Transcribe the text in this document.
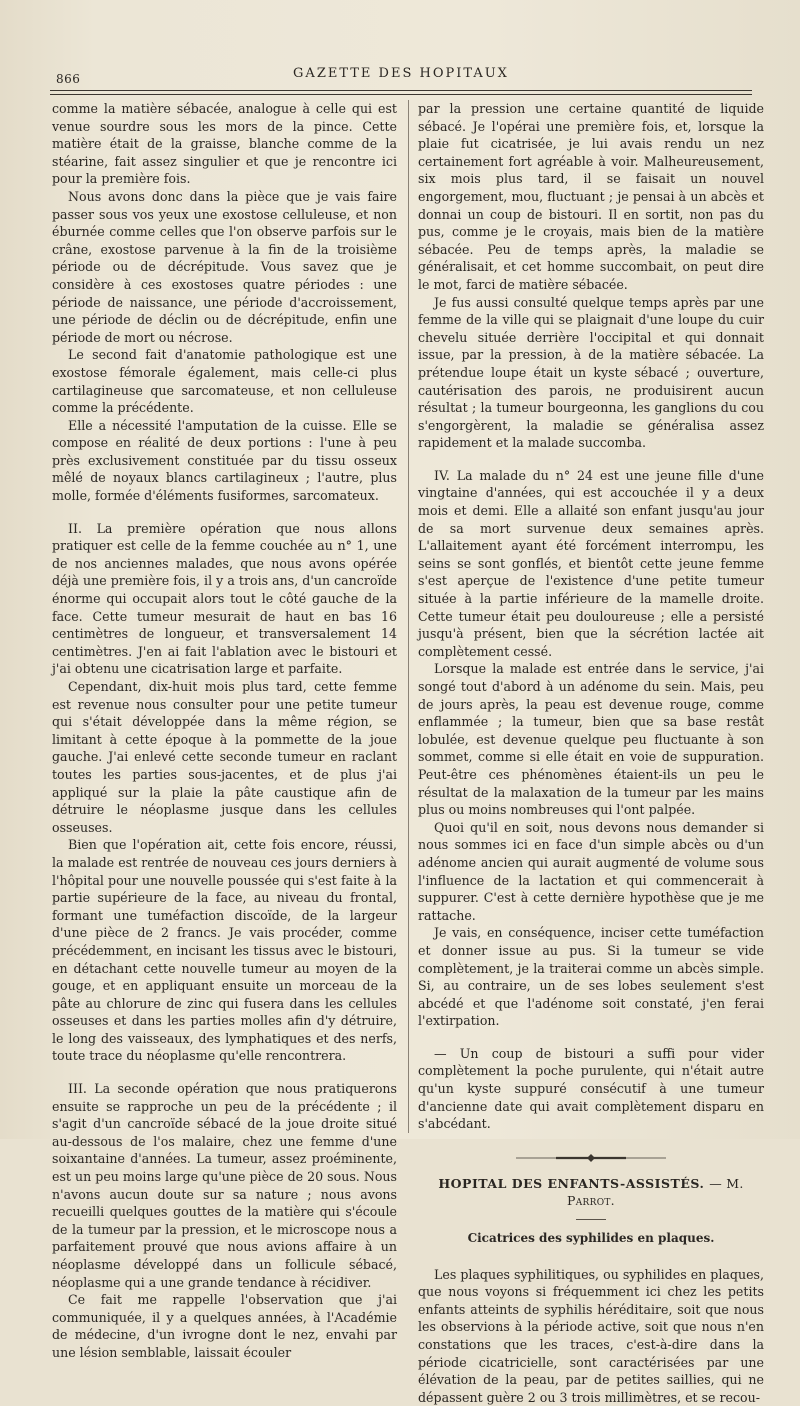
866	GAZETTE DES HOPITAUX

comme la matière sébacée, analogue à celle qui est venue sourdre sous les mors de la pince. Cette matière était de la graisse, blanche comme de la stéarine, fait assez singulier et que je rencontre ici pour la première fois.

Nous avons donc dans la pièce que je vais faire passer sous vos yeux une exostose celluleuse, et non éburnée comme celles que l'on observe parfois sur le crâne, exostose parvenue à la fin de la troisième période ou de décrépitude. Vous savez que je considère à ces exostoses quatre périodes : une période de naissance, une période d'accroissement, une période de déclin ou de décrépitude, enfin une période de mort ou nécrose.

Le second fait d'anatomie pathologique est une exostose fémorale également, mais celle-ci plus cartilagineuse que sarcomateuse, et non celluleuse comme la précédente.

Elle a nécessité l'amputation de la cuisse. Elle se compose en réalité de deux portions : l'une à peu près exclusivement constituée par du tissu osseux mêlé de noyaux blancs cartilagineux ; l'autre, plus molle, formée d'éléments fusiformes, sarcomateux.

II. La première opération que nous allons pratiquer est celle de la femme couchée au n° 1, une de nos anciennes malades, que nous avons opérée déjà une première fois, il y a trois ans, d'un cancroïde énorme qui occupait alors tout le côté gauche de la face. Cette tumeur mesurait de haut en bas 16 centimètres de longueur, et transversalement 14 centimètres. J'en ai fait l'ablation avec le bistouri et j'ai obtenu une cicatrisation large et parfaite.

Cependant, dix-huit mois plus tard, cette femme est revenue nous consulter pour une petite tumeur qui s'était développée dans la même région, se limitant à cette époque à la pommette de la joue gauche. J'ai enlevé cette seconde tumeur en raclant toutes les parties sous-jacentes, et de plus j'ai appliqué sur la plaie la pâte caustique afin de détruire le néoplasme jusque dans les cellules osseuses.

Bien que l'opération ait, cette fois encore, réussi, la malade est rentrée de nouveau ces jours derniers à l'hôpital pour une nouvelle poussée qui s'est faite à la partie supérieure de la face, au niveau du frontal, formant une tuméfaction discoïde, de la largeur d'une pièce de 2 francs. Je vais procéder, comme précédemment, en incisant les tissus avec le bistouri, en détachant cette nouvelle tumeur au moyen de la gouge, et en appliquant ensuite un morceau de la pâte au chlorure de zinc qui fusera dans les cellules osseuses et dans les parties molles afin d'y détruire, le long des vaisseaux, des lymphatiques et des nerfs, toute trace du néoplasme qu'elle rencontrera.

III. La seconde opération que nous pratiquerons ensuite se rapproche un peu de la précédente ; il s'agit d'un cancroïde sébacé de la joue droite situé au-dessous de l'os malaire, chez une femme d'une soixantaine d'années. La tumeur, assez proéminente, est un peu moins large qu'une pièce de 20 sous. Nous n'avons aucun doute sur sa nature ; nous avons recueilli quelques gouttes de la matière qui s'écoule de la tumeur par la pression, et le microscope nous a parfaitement prouvé que nous avions affaire à un néoplasme développé dans un follicule sébacé, néoplasme qui a une grande tendance à récidiver.

Ce fait me rappelle l'observation que j'ai communiquée, il y a quelques années, à l'Académie de médecine, d'un ivrogne dont le nez, envahi par une lésion semblable, laissait écouler

par la pression une certaine quantité de liquide sébacé. Je l'opérai une première fois, et, lorsque la plaie fut cicatrisée, je lui avais rendu un nez certainement fort agréable à voir. Malheureusement, six mois plus tard, il se faisait un nouvel engorgement, mou, fluctuant ; je pensai à un abcès et donnai un coup de bistouri. Il en sortit, non pas du pus, comme je le croyais, mais bien de la matière sébacée. Peu de temps après, la maladie se généralisait, et cet homme succombait, on peut dire le mot, farci de matière sébacée.

Je fus aussi consulté quelque temps après par une femme de la ville qui se plaignait d'une loupe du cuir chevelu située derrière l'occipital et qui donnait issue, par la pression, à de la matière sébacée. La prétendue loupe était un kyste sébacé ; ouverture, cautérisation des parois, ne produisirent aucun résultat ; la tumeur bourgeonna, les ganglions du cou s'engorgèrent, la maladie se généralisa assez rapidement et la malade succomba.

IV. La malade du n° 24 est une jeune fille d'une vingtaine d'années, qui est accouchée il y a deux mois et demi. Elle a allaité son enfant jusqu'au jour de sa mort survenue deux semaines après. L'allaitement ayant été forcément interrompu, les seins se sont gonflés, et bientôt cette jeune femme s'est aperçue de l'existence d'une petite tumeur située à la partie inférieure de la mamelle droite. Cette tumeur était peu douloureuse ; elle a persisté jusqu'à présent, bien que la sécrétion lactée ait complètement cessé.

Lorsque la malade est entrée dans le service, j'ai songé tout d'abord à un adénome du sein. Mais, peu de jours après, la peau est devenue rouge, comme enflammée ; la tumeur, bien que sa base restât lobulée, est devenue quelque peu fluctuante à son sommet, comme si elle était en voie de suppuration. Peut-être ces phénomènes étaient-ils un peu le résultat de la malaxation de la tumeur par les mains plus ou moins nombreuses qui l'ont palpée.

Quoi qu'il en soit, nous devons nous demander si nous sommes ici en face d'un simple abcès ou d'un adénome ancien qui aurait augmenté de volume sous l'influence de la lactation et qui commencerait à suppurer. C'est à cette dernière hypothèse que je me rattache.

Je vais, en conséquence, inciser cette tuméfaction et donner issue au pus. Si la tumeur se vide complètement, je la traiterai comme un abcès simple. Si, au contraire, un de ses lobes seulement s'est abcédé et que l'adénome soit constaté, j'en ferai l'extirpation.

— Un coup de bistouri a suffi pour vider complètement la poche purulente, qui n'était autre qu'un kyste suppuré consécutif à une tumeur d'ancienne date qui avait complètement disparu en s'abcédant.

HOPITAL DES ENFANTS-ASSISTÉS. — M. Parrot.
Cicatrices des syphilides en plaques.

Les plaques syphilitiques, ou syphilides en plaques, que nous voyons si fréquemment ici chez les petits enfants atteints de syphilis héréditaire, soit que nous les observions à la période active, soit que nous n'en constations que les traces, c'est-à-dire dans la période cicatricielle, sont caractérisées par une élévation de la peau, par de petites saillies, qui ne dépassent guère 2 ou 3 trois millimètres, et se recou-
